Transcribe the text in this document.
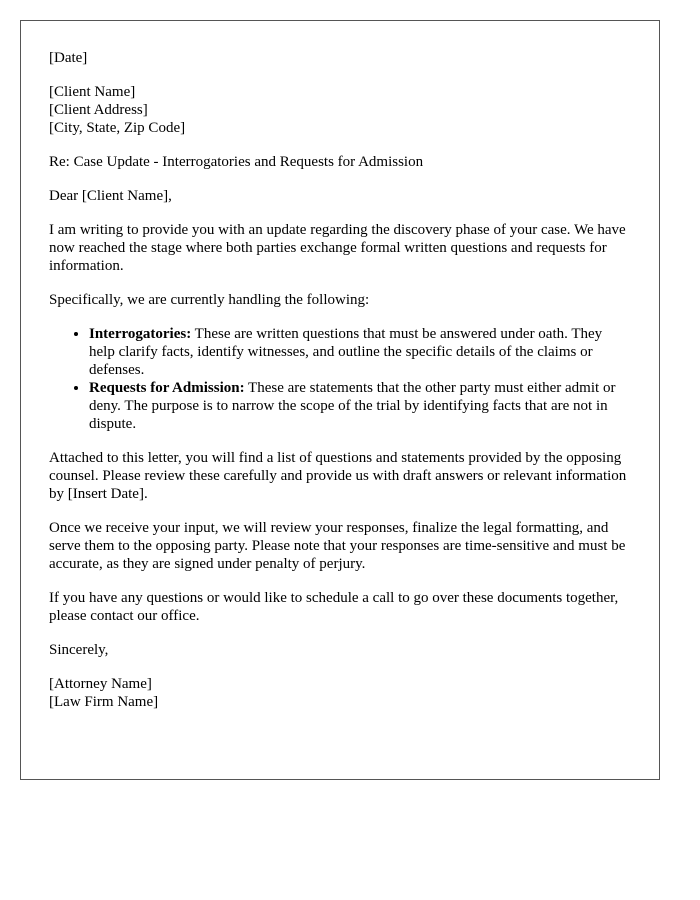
[Date]

[Client Name]
[Client Address]
[City, State, Zip Code]

Re: Case Update - Interrogatories and Requests for Admission

Dear [Client Name],

I am writing to provide you with an update regarding the discovery phase of your case. We have now reached the stage where both parties exchange formal written questions and requests for information.

Specifically, we are currently handling the following:

• Interrogatories: These are written questions that must be answered under oath. They help clarify facts, identify witnesses, and outline the specific details of the claims or defenses.
• Requests for Admission: These are statements that the other party must either admit or deny. The purpose is to narrow the scope of the trial by identifying facts that are not in dispute.

Attached to this letter, you will find a list of questions and statements provided by the opposing counsel. Please review these carefully and provide us with draft answers or relevant information by [Insert Date].

Once we receive your input, we will review your responses, finalize the legal formatting, and serve them to the opposing party. Please note that your responses are time-sensitive and must be accurate, as they are signed under penalty of perjury.

If you have any questions or would like to schedule a call to go over these documents together, please contact our office.

Sincerely,

[Attorney Name]
[Law Firm Name]
